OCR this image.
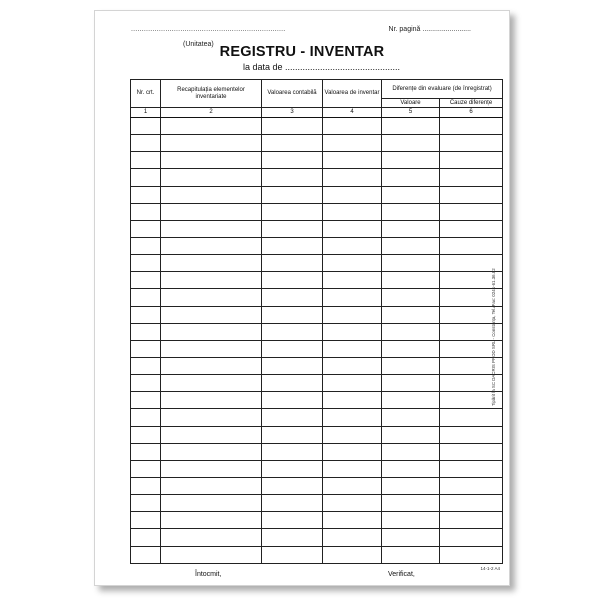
........................................................................
(Unitatea)
Nr. pagină .........................
REGISTRU - INVENTAR
la data de ..............................................
Nr. crt.	Recapitulația elementelor inventariate	Valoarea contabilă	Valoarea de inventar	Diferențe din evaluare (de înregistrat)	
				Valoare	Cauze diferențe
1	2	3	4	5	6

Tipărit la SC DACRIS PROD SRL - Constanța, Tel./Fax: 0241-61.36.82
14-1-2 A4
Întocmit,	Verificat,
